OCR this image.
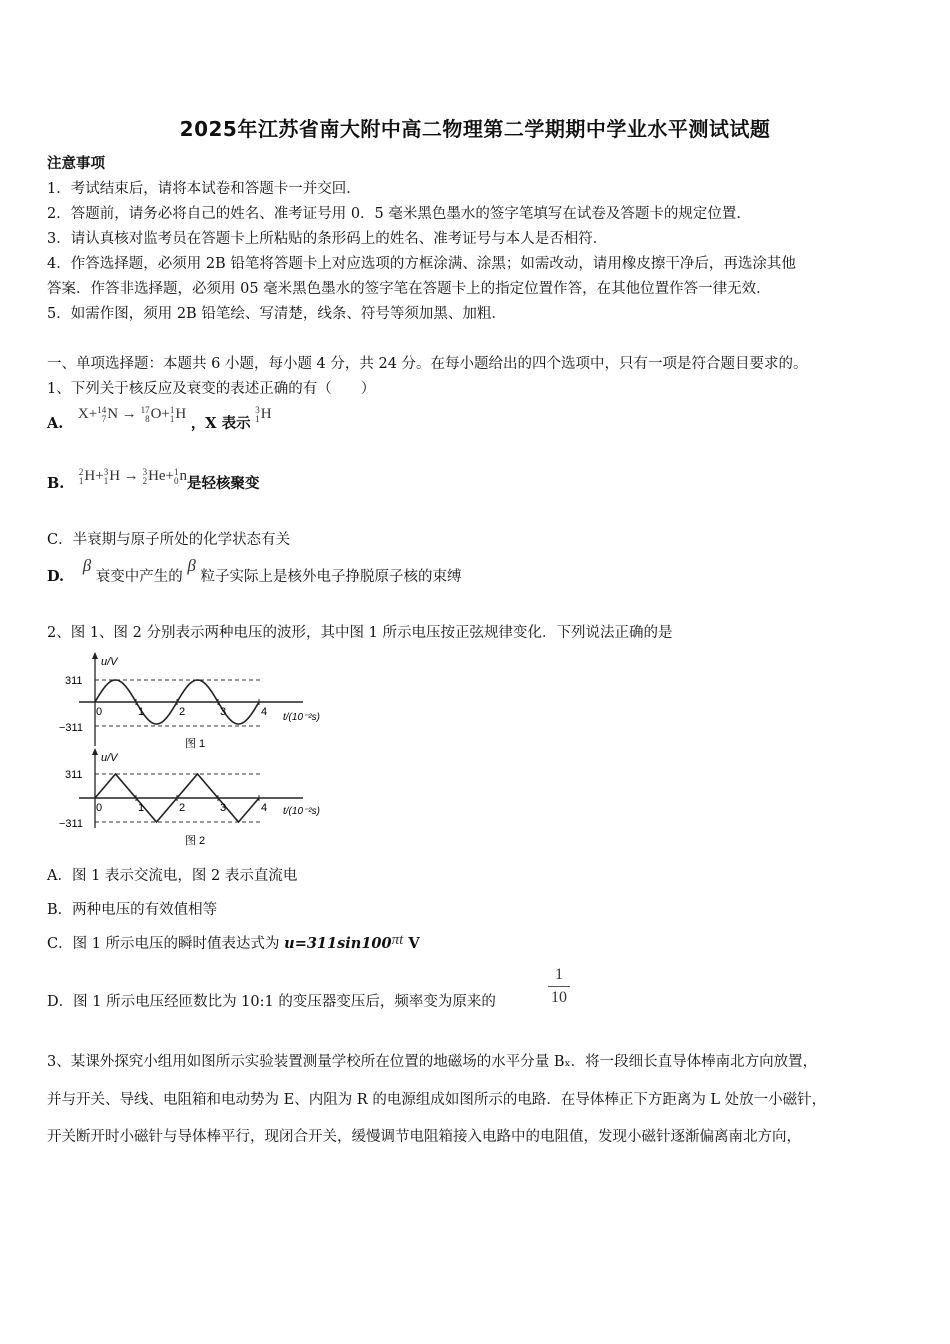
2025年江苏省南大附中高二物理第二学期期中学业水平测试试题
注意事项
1．考试结束后，请将本试卷和答题卡一并交回．
2．答题前，请务必将自己的姓名、准考证号用 0．5 毫米黑色墨水的签字笔填写在试卷及答题卡的规定位置．
3．请认真核对监考员在答题卡上所粘贴的条形码上的姓名、准考证号与本人是否相符．
4．作答选择题，必须用 2B 铅笔将答题卡上对应选项的方框涂满、涂黑；如需改动，请用橡皮擦干净后，再选涂其他
答案．作答非选择题，必须用 05 毫米黑色墨水的签字笔在答题卡上的指定位置作答，在其他位置作答一律无效．
5．如需作图，须用 2B 铅笔绘、写清楚，线条、符号等须加黑、加粗．
一、单项选择题：本题共 6 小题，每小题 4 分，共 24 分。在每小题给出的四个选项中，只有一项是符合题目要求的。
1、下列关于核反应及衰变的表述正确的有（　　）
A. X+14
7N → 17
8O+1
1H ，X 表示 3
1H
B. 2
1H+3
1H → 3
2He+1
0n是轻核聚变
C．半衰期与原子所处的化学状态有关
D. β 衰变中产生的 β 粒子实际上是核外电子挣脱原子核的束缚
2、图 1、图 2 分别表示两种电压的波形，其中图 1 所示电压按正弦规律变化．下列说法正确的是
u/V
311
−311
0	1	2	3	4 t/(10⁻²s)
图 1
u/V
311
−311
0	1	2	3	4 t/(10⁻²s)
图 2
A．图 1 表示交流电，图 2 表示直流电
B．两种电压的有效值相等
C．图 1 所示电压的瞬时值表达式为 u=311sin100πt V
D．图 1 所示电压经匝数比为 10:1 的变压器变压后，频率变为原来的	$\frac{1}{10}$
3、某课外探究小组用如图所示实验装置测量学校所在位置的地磁场的水平分量 Bₓ．将一段细长直导体棒南北方向放置，
并与开关、导线、电阻箱和电动势为 E、内阻为 R 的电源组成如图所示的电路．在导体棒正下方距离为 L 处放一小磁针，
开关断开时小磁针与导体棒平行，现闭合开关，缓慢调节电阻箱接入电路中的电阻值，发现小磁针逐渐偏离南北方向，
